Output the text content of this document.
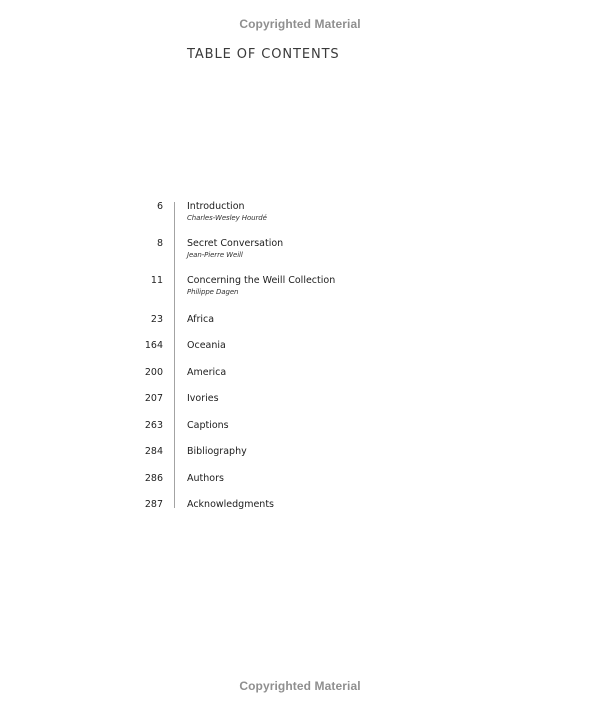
Copyrighted Material
TABLE OF CONTENTS
6	Introduction
Charles-Wesley Hourdé
8	Secret Conversation
Jean-Pierre Weill
11	Concerning the Weill Collection
Philippe Dagen
23	Africa
164	Oceania
200	America
207	Ivories
263	Captions
284	Bibliography
286	Authors
287	Acknowledgments
Copyrighted Material
